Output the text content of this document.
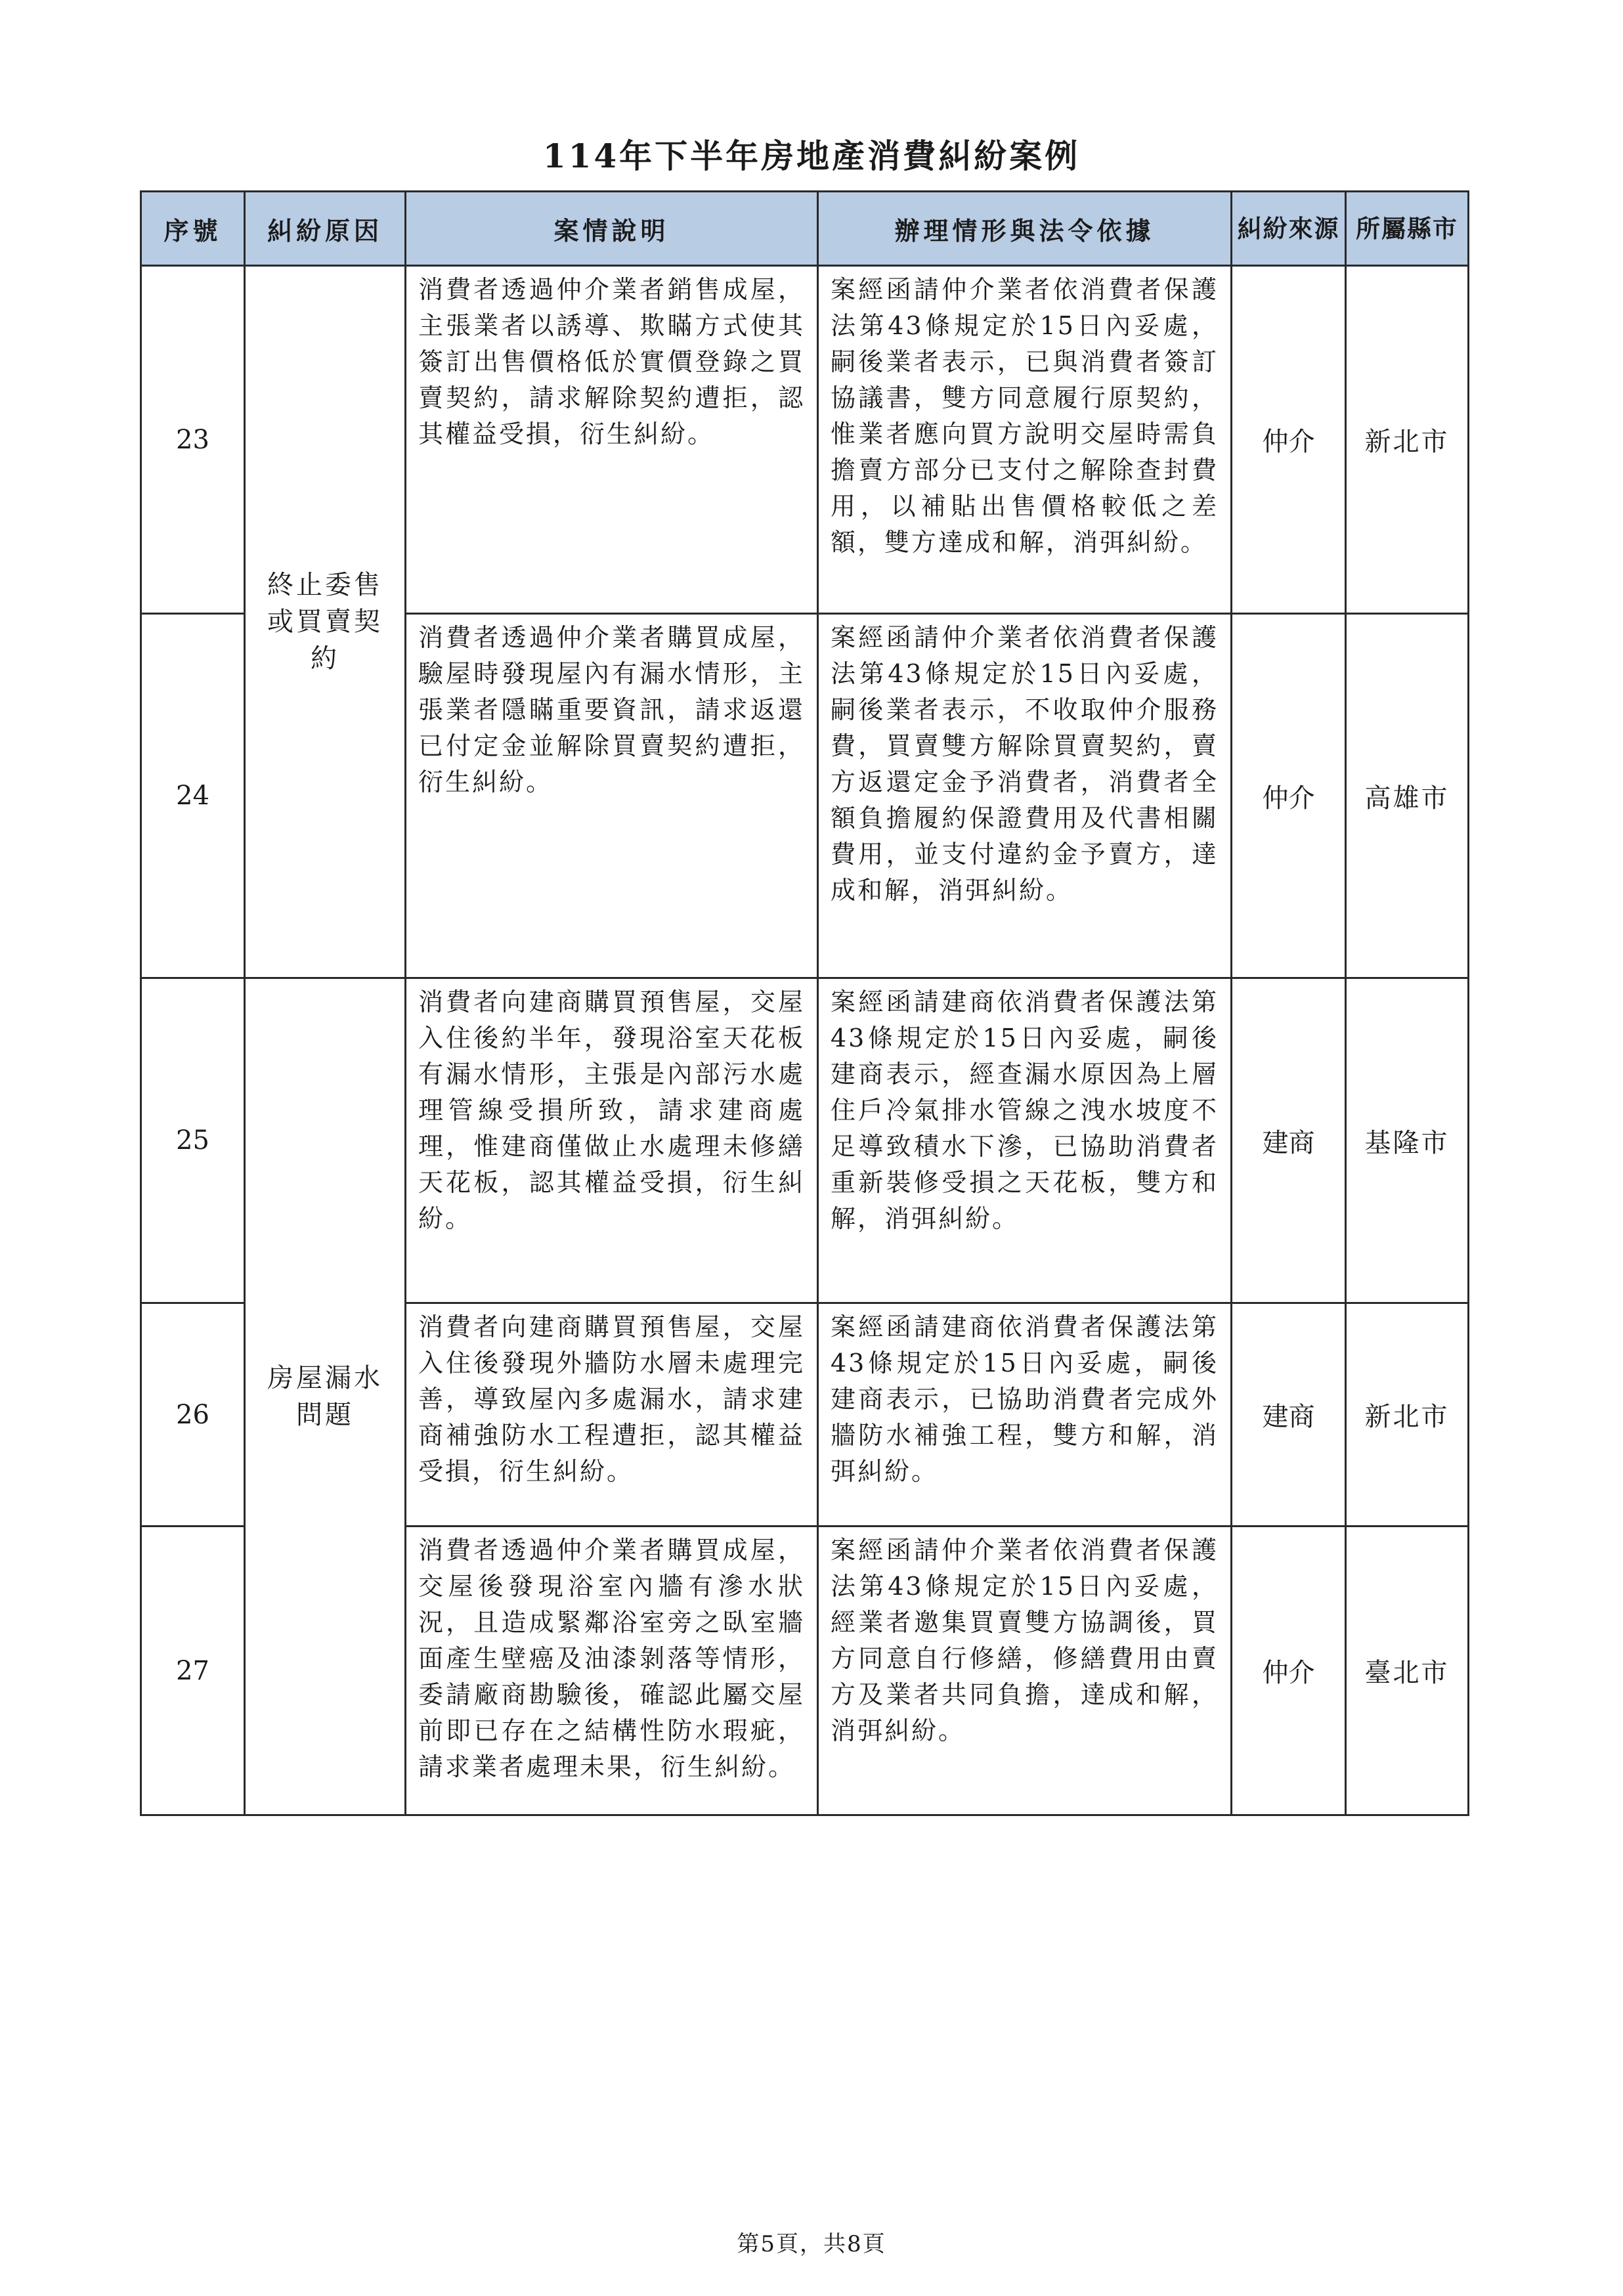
114年下半年房地產消費糾紛案例
序號	糾紛原因	案情說明	辦理情形與法令依據	糾紛來源	所屬縣市
23	終止委售或買賣契約	消費者透過仲介業者銷售成屋，主張業者以誘導、欺瞞方式使其簽訂出售價格低於實價登錄之買賣契約，請求解除契約遭拒，認其權益受損，衍生糾紛。	案經函請仲介業者依消費者保護法第43條規定於15日內妥處，嗣後業者表示，已與消費者簽訂協議書，雙方同意履行原契約，惟業者應向買方說明交屋時需負擔賣方部分已支付之解除查封費用，以補貼出售價格較低之差額，雙方達成和解，消弭糾紛。	仲介	新北市
24		消費者透過仲介業者購買成屋，驗屋時發現屋內有漏水情形，主張業者隱瞞重要資訊，請求返還已付定金並解除買賣契約遭拒，衍生糾紛。	案經函請仲介業者依消費者保護法第43條規定於15日內妥處，嗣後業者表示，不收取仲介服務費，買賣雙方解除買賣契約，賣方返還定金予消費者，消費者全額負擔履約保證費用及代書相關費用，並支付違約金予賣方，達成和解，消弭糾紛。	仲介	高雄市
25	房屋漏水問題	消費者向建商購買預售屋，交屋入住後約半年，發現浴室天花板有漏水情形，主張是內部污水處理管線受損所致，請求建商處理，惟建商僅做止水處理未修繕天花板，認其權益受損，衍生糾紛。	案經函請建商依消費者保護法第43條規定於15日內妥處，嗣後建商表示，經查漏水原因為上層住戶冷氣排水管線之洩水坡度不足導致積水下滲，已協助消費者重新裝修受損之天花板，雙方和解，消弭糾紛。	建商	基隆市
26		消費者向建商購買預售屋，交屋入住後發現外牆防水層未處理完善，導致屋內多處漏水，請求建商補強防水工程遭拒，認其權益受損，衍生糾紛。	案經函請建商依消費者保護法第43條規定於15日內妥處，嗣後建商表示，已協助消費者完成外牆防水補強工程，雙方和解，消弭糾紛。	建商	新北市
27		消費者透過仲介業者購買成屋，交屋後發現浴室內牆有滲水狀況，且造成緊鄰浴室旁之臥室牆面產生壁癌及油漆剝落等情形，委請廠商勘驗後，確認此屬交屋前即已存在之結構性防水瑕疵，請求業者處理未果，衍生糾紛。	案經函請仲介業者依消費者保護法第43條規定於15日內妥處，經業者邀集買賣雙方協調後，買方同意自行修繕，修繕費用由賣方及業者共同負擔，達成和解，消弭糾紛。	仲介	臺北市
第5頁，共8頁
